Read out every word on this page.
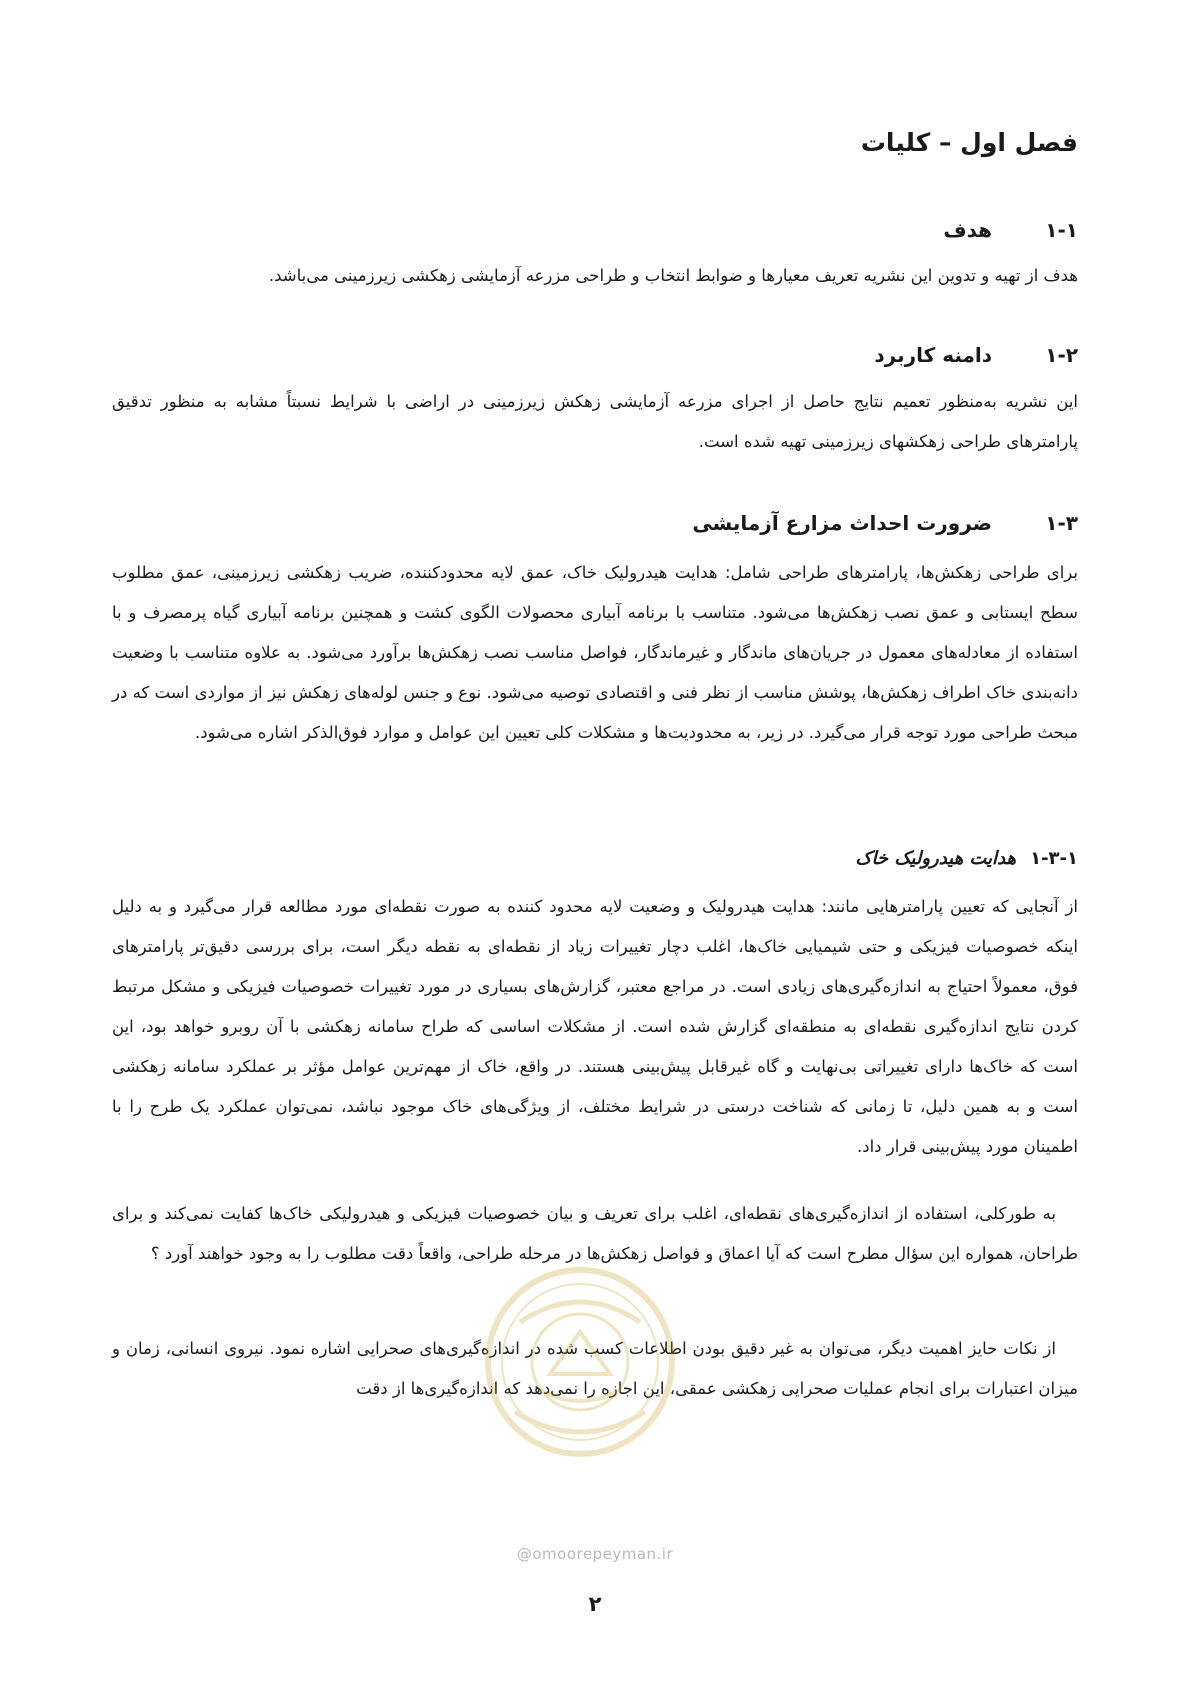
فصل اول – کلیات
۱-۱هدف

هدف از تهیه و تدوین این نشریه تعریف معیارها و ضوابط انتخاب و طراحی مزرعه آزمایشی زهکشی زیرزمینی می‌باشد.

۱-۲دامنه کاربرد

این نشریه به‌منظور تعمیم نتایج حاصل از اجرای مزرعه آزمایشی زهکش زیرزمینی در اراضی با شرایط نسبتاً مشابه به منظور تدقیق پارامترهای طراحی زهکشهای زیرزمینی تهیه شده است.

۱-۳ضرورت احداث مزارع آزمایشی

برای طراحی زهکش‌ها، پارامترهای طراحی شامل: هدایت هیدرولیک خاک، عمق لایه محدودکننده، ضریب زهکشی زیرزمینی، عمق مطلوب سطح ایستابی و عمق نصب زهکش‌ها می‌شود. متناسب با برنامه آبیاری محصولات الگوی کشت و همچنین برنامه آبیاری گیاه پرمصرف و با استفاده از معادله‌های معمول در جریان‌های ماندگار و غیرماندگار، فواصل مناسب نصب زهکش‌ها برآورد می‌شود. به علاوه متناسب با وضعیت دانه‌بندی خاک اطراف زهکش‌ها، پوشش مناسب از نظر فنی و اقتصادی توصیه می‌شود. نوع و جنس لوله‌های زهکش نیز از مواردی است که در مبحث طراحی مورد توجه قرار می‌گیرد. در زیر، به محدودیت‌ها و مشکلات کلی تعیین این عوامل و موارد فوق‌الذکر اشاره می‌شود.

۱-۳-۱هدایت هیدرولیک خاک

از آنجایی که تعیین پارامترهایی مانند: هدایت هیدرولیک و وضعیت لایه محدود کننده به صورت نقطه‌ای مورد مطالعه قرار می‌گیرد و به دلیل اینکه خصوصیات فیزیکی و حتی شیمیایی خاک‌ها، اغلب دچار تغییرات زیاد از نقطه‌ای به نقطه دیگر است، برای بررسی دقیق‌تر پارامترهای فوق، معمولاً احتیاج به اندازه‌گیری‌های زیادی است. در مراجع معتبر، گزارش‌های بسیاری در مورد تغییرات خصوصیات فیزیکی و مشکل مرتبط کردن نتایج اندازه‌گیری نقطه‌ای به منطقه‌ای گزارش شده است. از مشکلات اساسی که طراح سامانه زهکشی با آن روبرو خواهد بود، این است که خاک‌ها دارای تغییراتی بی‌نهایت و گاه غیرقابل پیش‌بینی هستند. در واقع، خاک از مهم‌ترین عوامل مؤثر بر عملکرد سامانه زهکشی است و به همین دلیل، تا زمانی که شناخت درستی در شرایط مختلف، از ویژگی‌های خاک موجود نباشد، نمی‌توان عملکرد یک طرح را با اطمینان مورد پیش‌بینی قرار داد.

به طورکلی، استفاده از اندازه‌گیری‌های نقطه‌ای، اغلب برای تعریف و بیان خصوصیات فیزیکی و هیدرولیکی خاک‌ها کفایت نمی‌کند و برای طراحان، همواره این سؤال مطرح است که آیا اعماق و فواصل زهکش‌ها در مرحله طراحی، واقعاً دقت مطلوب را به وجود خواهند آورد ؟

از نکات حایز اهمیت دیگر، می‌توان به غیر دقیق بودن اطلاعات کسب شده در اندازه‌گیری‌های صحرایی اشاره نمود. نیروی انسانی، زمان و میزان اعتبارات برای انجام عملیات صحرایی زهکشی عمقی، این اجازه را نمی‌دهد که اندازه‌گیری‌ها از دقت

@omoorepeyman.ir
۲
